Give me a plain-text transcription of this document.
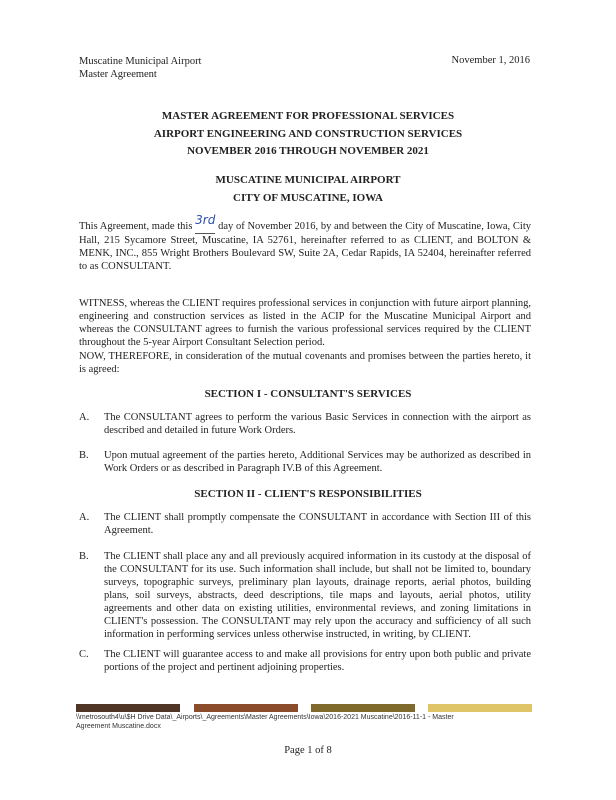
Muscatine Municipal Airport
Master Agreement
November 1, 2016
MASTER AGREEMENT FOR PROFESSIONAL SERVICES
AIRPORT ENGINEERING AND CONSTRUCTION SERVICES
NOVEMBER 2016 THROUGH NOVEMBER 2021
MUSCATINE MUNICIPAL AIRPORT
CITY OF MUSCATINE, IOWA
This Agreement, made this 3rd day of November 2016, by and between the City of Muscatine, Iowa, City Hall, 215 Sycamore Street, Muscatine, IA 52761, hereinafter referred to as CLIENT, and BOLTON & MENK, INC., 855 Wright Brothers Boulevard SW, Suite 2A, Cedar Rapids, IA 52404, hereinafter referred to as CONSULTANT.
WITNESS, whereas the CLIENT requires professional services in conjunction with future airport planning, engineering and construction services as listed in the ACIP for the Muscatine Municipal Airport and whereas the CONSULTANT agrees to furnish the various professional services required by the CLIENT throughout the 5-year Airport Consultant Selection period.
NOW, THEREFORE, in consideration of the mutual covenants and promises between the parties hereto, it is agreed:
SECTION I - CONSULTANT'S SERVICES
A. The CONSULTANT agrees to perform the various Basic Services in connection with the airport as described and detailed in future Work Orders.
B. Upon mutual agreement of the parties hereto, Additional Services may be authorized as described in Work Orders or as described in Paragraph IV.B of this Agreement.
SECTION II - CLIENT'S RESPONSIBILITIES
A. The CLIENT shall promptly compensate the CONSULTANT in accordance with Section III of this Agreement.
B. The CLIENT shall place any and all previously acquired information in its custody at the disposal of the CONSULTANT for its use. Such information shall include, but shall not be limited to, boundary surveys, topographic surveys, preliminary plan layouts, drainage reports, aerial photos, building plans, soil surveys, abstracts, deed descriptions, tile maps and layouts, aerial photos, utility agreements and other data on existing utilities, environmental reviews, and zoning limitations in CLIENT's possession. The CONSULTANT may rely upon the accuracy and sufficiency of all such information in performing services unless otherwise instructed, in writing, by CLIENT.
C. The CLIENT will guarantee access to and make all provisions for entry upon both public and private portions of the project and pertinent adjoining properties.
\\metrosouth4\u\$H Drive Data\_Airports\_Agreements\Master Agreements\Iowa\2016-2021 Muscatine\2016-11-1 - Master Agreement Muscatine.docx
Page 1 of 8
